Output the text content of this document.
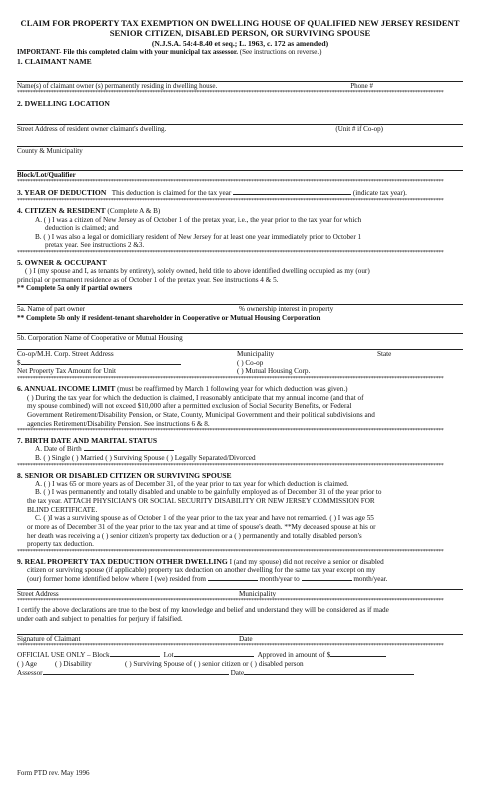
CLAIM FOR PROPERTY TAX EXEMPTION ON DWELLING HOUSE OF QUALIFIED NEW JERSEY RESIDENT
SENIOR CITIZEN, DISABLED PERSON, OR SURVIVING SPOUSE
(N.J.S.A. 54:4-8.40 et seq.; L. 1963, c. 172 as amended)
IMPORTANT- File this completed claim with your municipal tax assessor. (See instructions on reverse.)
1. CLAIMANT NAME
Name(s) of claimant owner (s) permanently residing in dwelling house.	Phone #
********************************************************************************************************************************************************************
2. DWELLING LOCATION
Street Address of resident owner claimant's dwelling.	(Unit # if Co-op)
County & Municipality
Block/Lot/Qualifier
********************************************************************************************************************************************************************
3. YEAR OF DEDUCTION This deduction is claimed for the tax year	(indicate tax year).
********************************************************************************************************************************************************************
4. CITIZEN & RESIDENT (Complete A & B)
A. ( ) I was a citizen of New Jersey as of October 1 of the pretax year, i.e., the year prior to the tax year for which
deduction is claimed; and
B. ( ) I was also a legal or domiciliary resident of New Jersey for at least one year immediately prior to October 1
pretax year. See instructions 2 &3.
********************************************************************************************************************************************************************
5. OWNER & OCCUPANT
( ) I (my spouse and I, as tenants by entirety), solely owned, held title to above identified dwelling occupied as my (our)
principal or permanent residence as of October 1 of the pretax year. See instructions 4 & 5.
** Complete 5a only if partial owners
5a. Name of part owner	% ownership interest in property
** Complete 5b only if resident-tenant shareholder in Cooperative or Mutual Housing Corporation
5b. Corporation Name of Cooperative or Mutual Housing
Co-op/M.H. Corp. Street Address	Municipality	State
$	( ) Co-op
Net Property Tax Amount for Unit	( ) Mutual Housing Corp.
********************************************************************************************************************************************************************
6. ANNUAL INCOME LIMIT (must be reaffirmed by March 1 following year for which deduction was given.)
( ) During the tax year for which the deduction is claimed, I reasonably anticipate that my annual income (and that of
my spouse combined) will not exceed $10,000 after a permitted exclusion of Social Security Benefits, or Federal
Government Retirement/Disability Pension, or State, County, Municipal Government and their political subdivisions and
agencies Retirement/Disability Pension. See instructions 6 & 8.
********************************************************************************************************************************************************************
7. BIRTH DATE AND MARITAL STATUS
A. Date of Birth
B. ( ) Single ( ) Married ( ) Surviving Spouse ( ) Legally Separated/Divorced
********************************************************************************************************************************************************************
8. SENIOR OR DISABLED CITIZEN OR SURVIVING SPOUSE
A. ( ) I was 65 or more years as of December 31, of the year prior to tax year for which deduction is claimed.
B. ( ) I was permanently and totally disabled and unable to be gainfully employed as of December 31 of the year prior to
the tax year. ATTACH PHYSICIAN'S OR SOCIAL SECURITY DISABILITY OR NEW JERSEY COMMISSION FOR
BLIND CERTIFICATE.
C. ( )I was a surviving spouse as of October 1 of the year prior to the tax year and have not remarried. ( ) I was age 55
or more as of December 31 of the year prior to the tax year and at time of spouse's death. **My deceased spouse at his or
her death was receiving a ( ) senior citizen's property tax deduction or a ( ) permanently and totally disabled person's
property tax deduction.
********************************************************************************************************************************************************************
9. REAL PROPERTY TAX DEDUCTION OTHER DWELLING I (and my spouse) did not receive a senior or disabled
citizen or surviving spouse (if applicable) property tax deduction on another dwelling for the same tax year except on my
(our) former home identified below where I (we) resided from	month/year to	month/year.
Street Address	Municipality
********************************************************************************************************************************************************************
I certify the above declarations are true to the best of my knowledge and belief and understand they will be considered as if made
under oath and subject to penalties for perjury if falsified.
Signature of Claimant	Date
********************************************************************************************************************************************************************
OFFICIAL USE ONLY – Block	Lot	Approved in amount of $
( ) Age	( ) Disability	( ) Surviving Spouse of ( ) senior citizen or ( ) disabled person
Assessor	Date
Form PTD rev. May 1996
